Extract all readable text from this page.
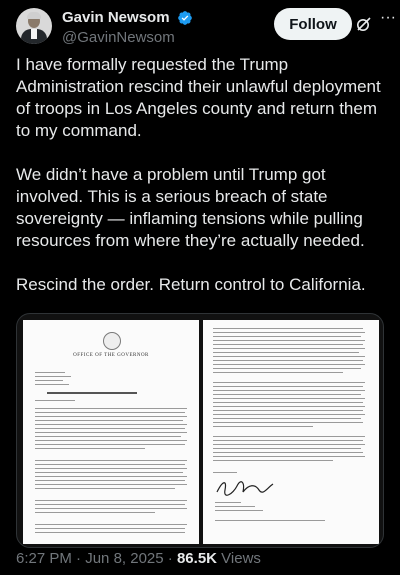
Gavin Newsom
@GavinNewsom
Follow	···

I have formally requested the Trump Administration rescind their unlawful deployment of troops in Los Angeles county and return them to my command.

We didn’t have a problem until Trump got involved. This is a serious breach of state sovereignty — inflaming tensions while pulling resources from where they’re actually needed.

Rescind the order. Return control to California.

OFFICE OF THE GOVERNOR
6:27 PM · Jun 8, 2025 · 86.5K Views
